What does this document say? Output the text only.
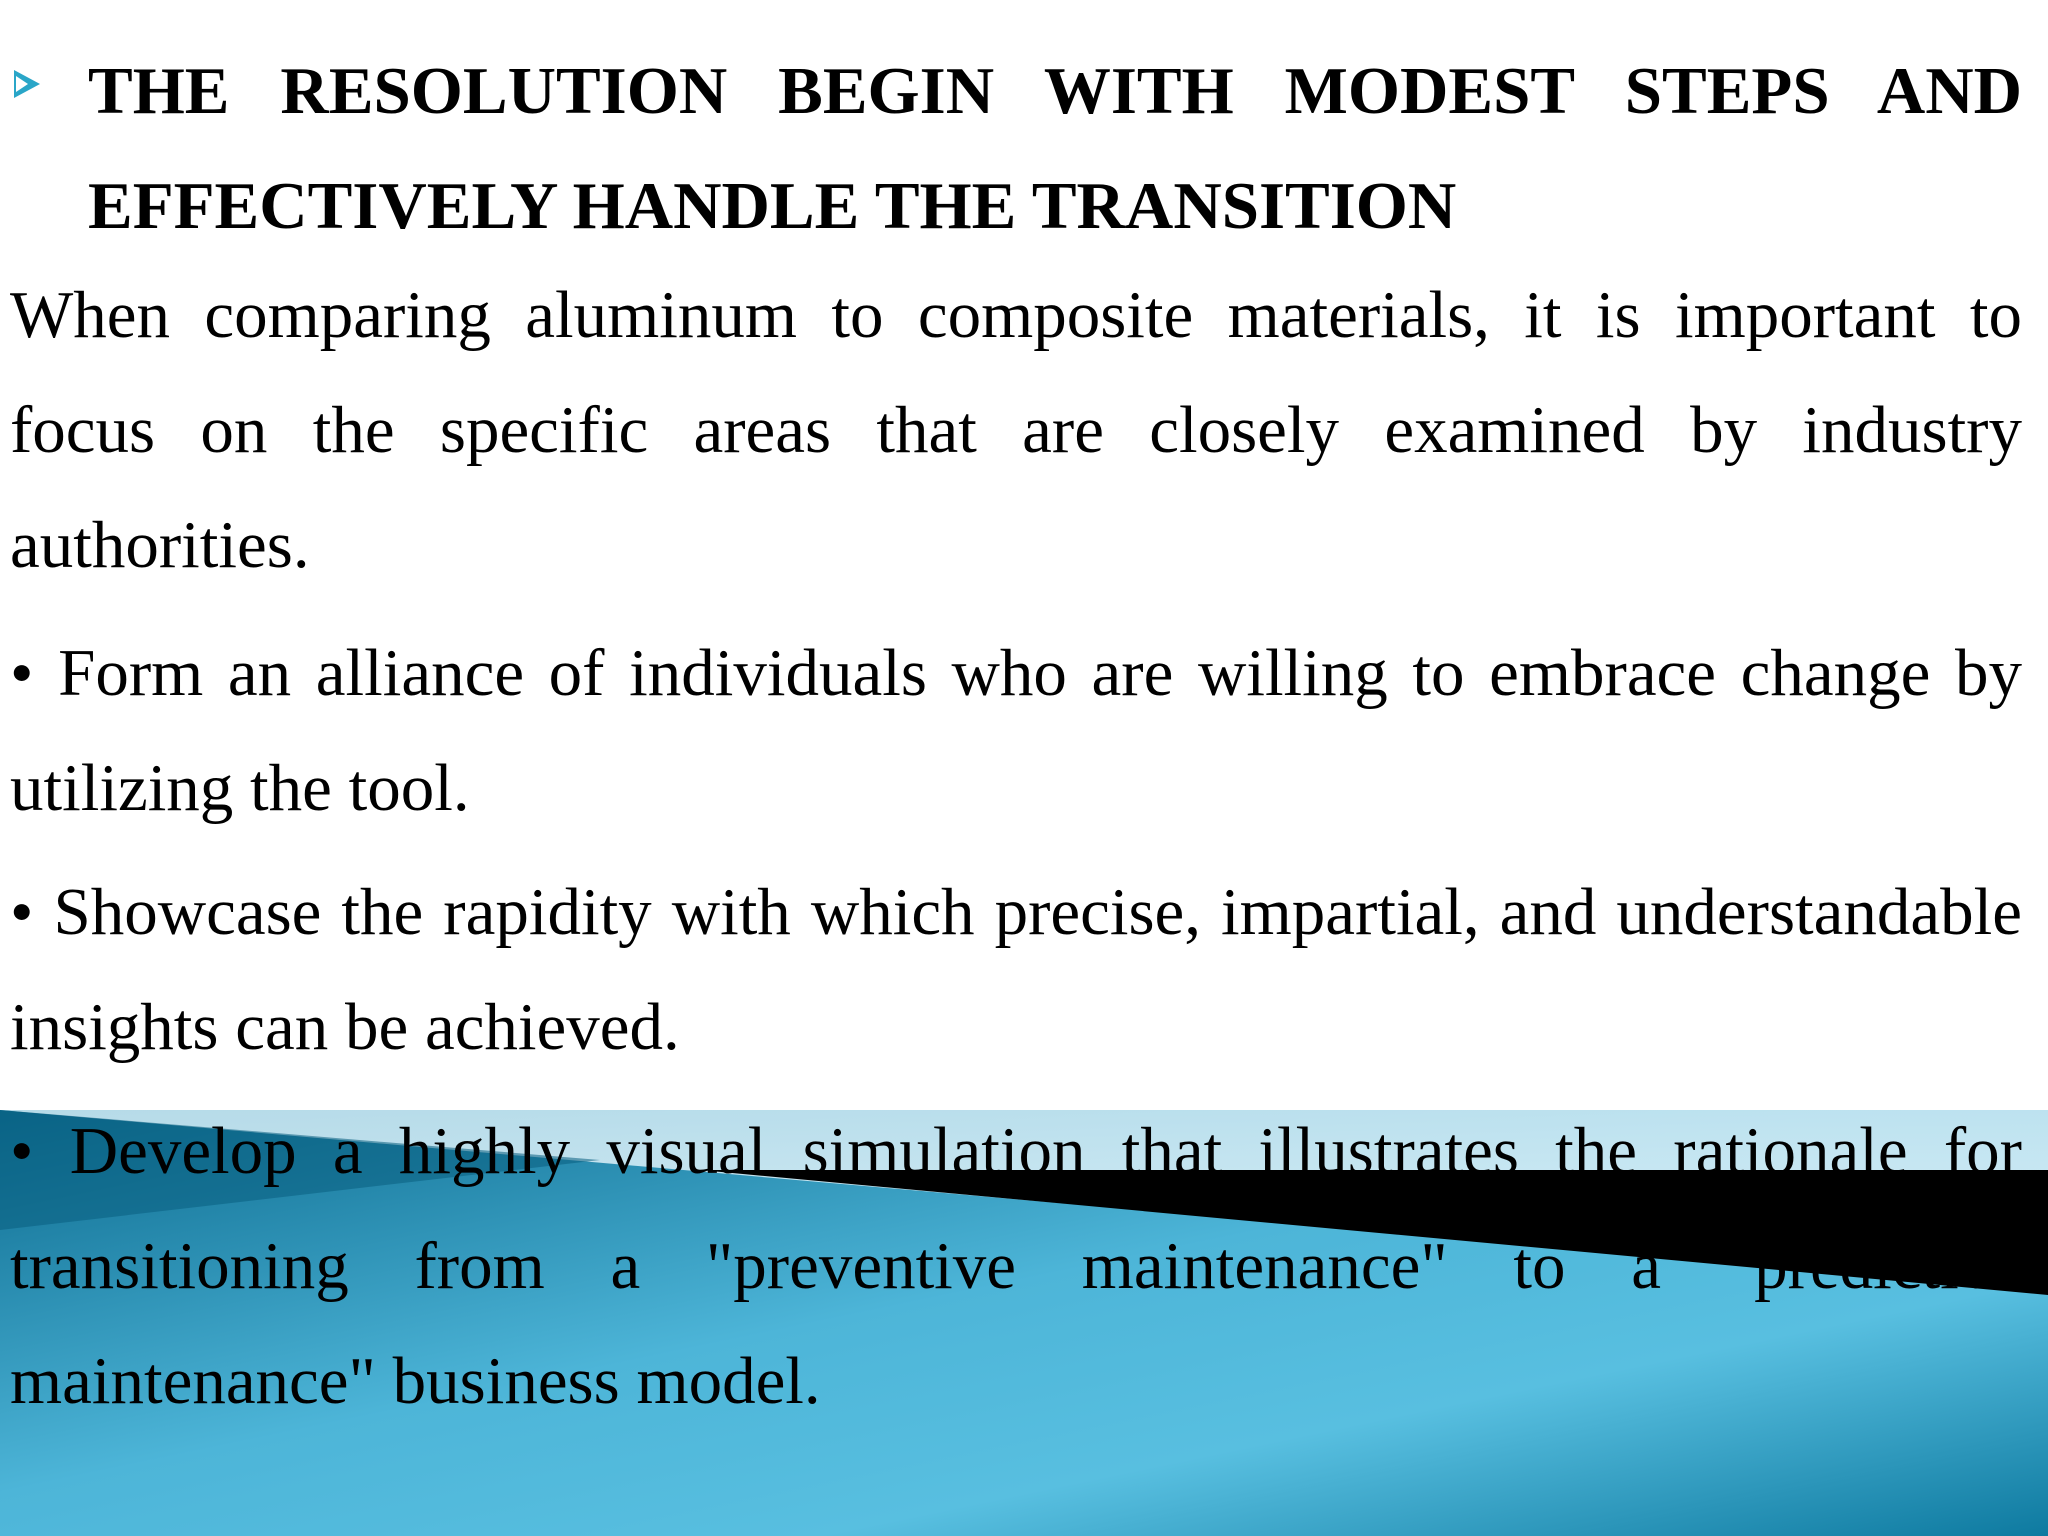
THE RESOLUTION BEGIN WITH MODEST STEPS AND EFFECTIVELY HANDLE THE TRANSITION

When comparing aluminum to composite materials, it is important to focus on the specific areas that are closely examined by industry authorities.

• Form an alliance of individuals who are willing to embrace change by utilizing the tool.

• Showcase the rapidity with which precise, impartial, and understandable insights can be achieved.

• Develop a highly visual simulation that illustrates the rationale for transitioning from a "preventive maintenance" to a "predictive maintenance" business model.
